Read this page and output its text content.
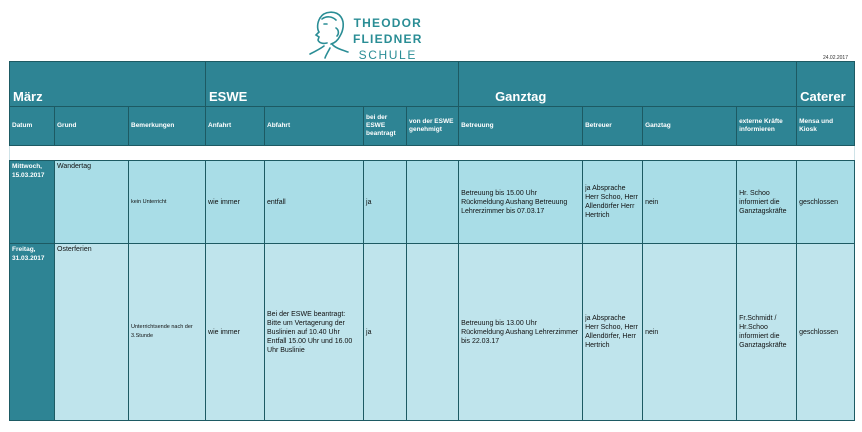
THEODOR
FLIEDNER
SCHULE	24.02.2017
März			ESWE				Ganztag				Caterer
Datum	Grund	Bemerkungen	Anfahrt	Abfahrt	bei der ESWE beantragt	von der ESWE genehmigt	Betreuung	Betreuer	Ganztag	externe Kräfte informieren	Mensa und Kiosk

Mittwoch, 15.03.2017	Wandertag	kein Unterricht	wie immer	entfall	ja		Betreuung bis 15.00 Uhr Rückmeldung Aushang Betreuung Lehrerzimmer bis 07.03.17	ja Absprache Herr Schoo, Herr Allendörfer Herr Hertrich	nein	Hr. Schoo informiert die Ganztagskräfte	geschlossen
Freitag, 31.03.2017	Osterferien	Unterrichtsende nach der 3.Stunde	wie immer	Bei der ESWE beantragt: Bitte um Vertagerung der Buslinien auf 10.40 Uhr Entfall 15.00 Uhr und 16.00 Uhr Buslinie	ja		Betreuung bis 13.00 Uhr Rückmeldung Aushang Lehrerzimmer bis 22.03.17	ja Absprache Herr Schoo, Herr Allendörfer, Herr Hertrich	nein	Fr.Schmidt / Hr.Schoo informiert die Ganztagskräfte	geschlossen
